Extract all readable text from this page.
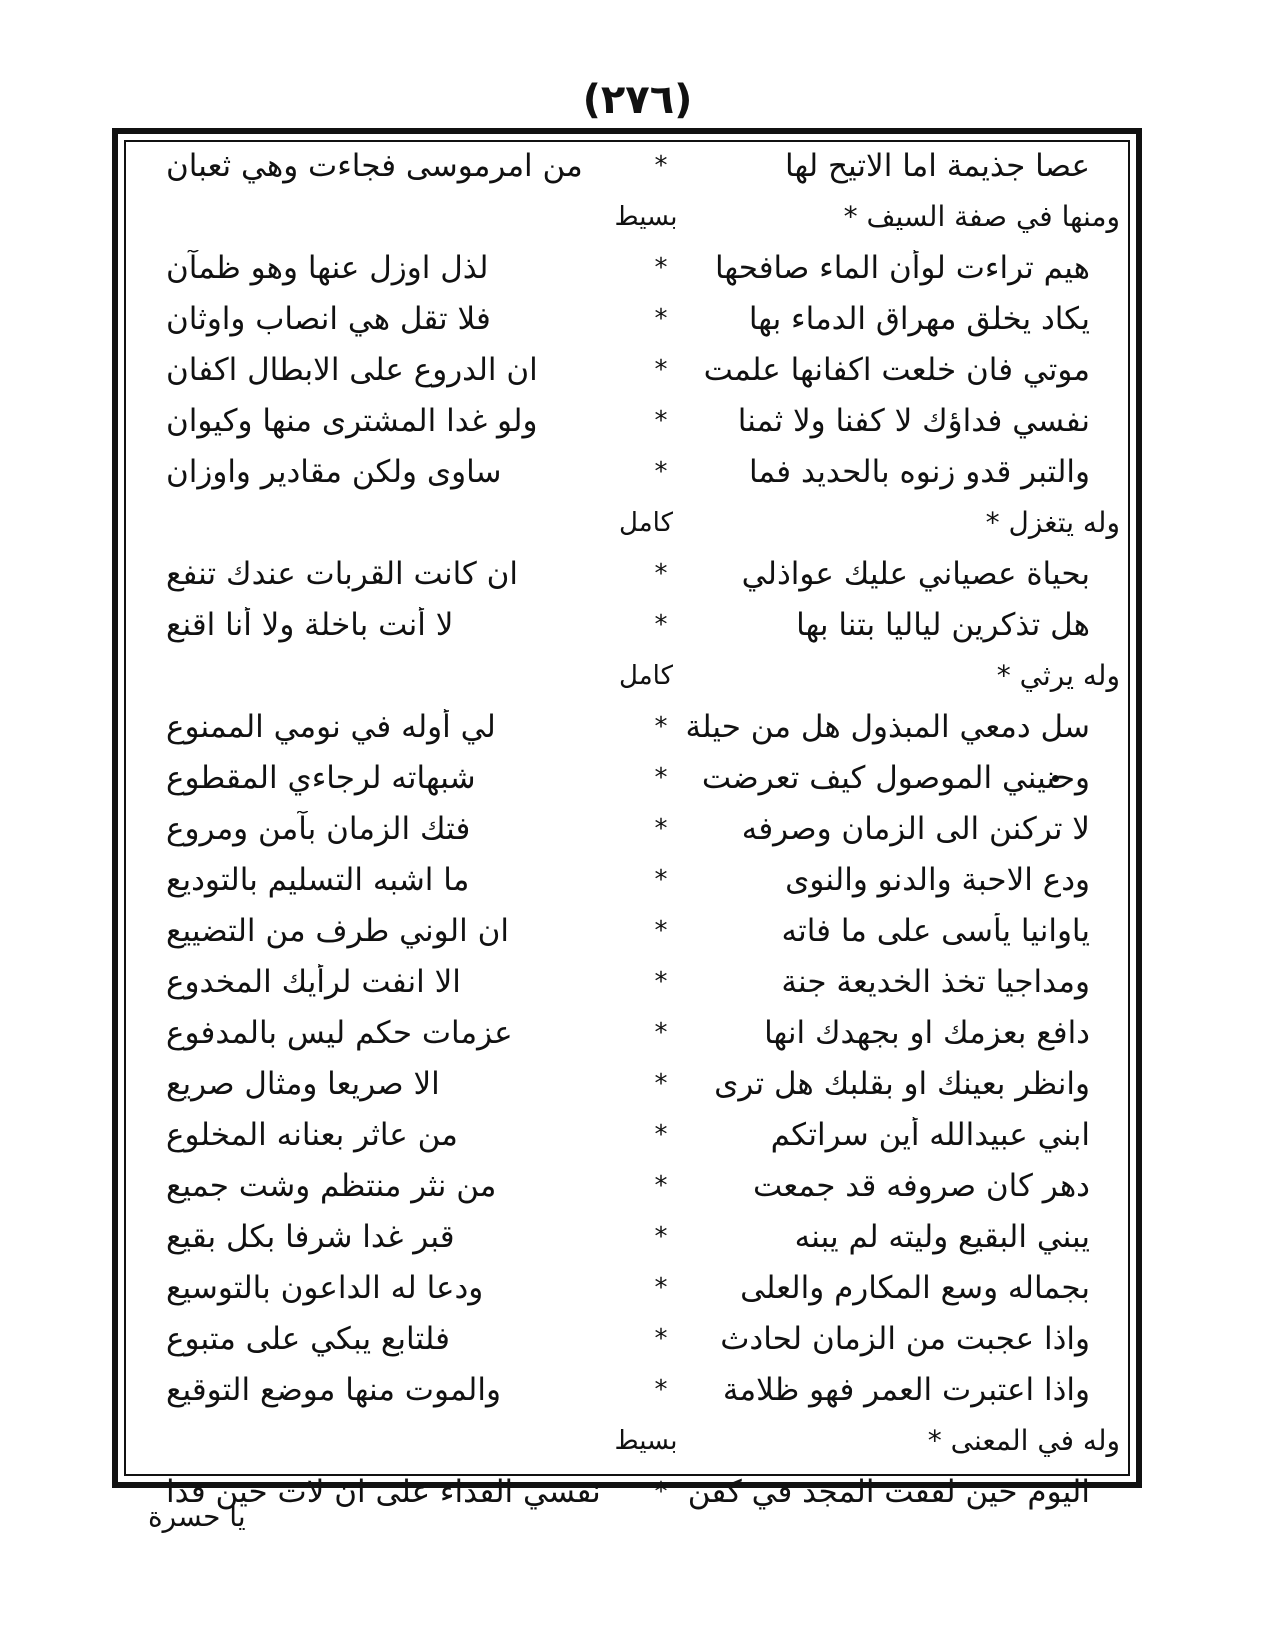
(٢٧٦)
عصا جذيمة اما الاتيح لها
*
من امرموسى فجاءت وهي ثعبان
ومنها في صفة السيف *
بسيط
هيم تراءت لوأن الماء صافحها
*
لذل اوزل عنها وهو ظمآن
يكاد يخلق مهراق الدماء بها
*
فلا تقل هي انصاب واوثان
موتي فان خلعت اكفانها علمت
*
ان الدروع على الابطال اكفان
نفسي فداؤك لا كفنا ولا ثمنا
*
ولو غدا المشترى منها وكيوان
والتبر قدو زنوه بالحديد فما
*
ساوى ولكن مقادير واوزان
وله يتغزل *
كامل
بحياة عصياني عليك عواذلي
*
ان كانت القربات عندك تنفع
هل تذكرين لياليا بتنا بها
*
لا أنت باخلة ولا أنا اقنع
وله يرثي *
كامل
سل دمعي المبذول هل من حيلة
*
لي أوله في نومي الممنوع
وحنيني الموصول كيف تعرضت
*
شبهاته لرجاءي المقطوع
لا تركنن الى الزمان وصرفه
*
فتك الزمان بآمن ومروع
ودع الاحبة والدنو والنوى
*
ما اشبه التسليم بالتوديع
ياوانيا يأسى على ما فاته
*
ان الوني طرف من التضييع
ومداجيا تخذ الخديعة جنة
*
الا انفت لرأيك المخدوع
دافع بعزمك او بجهدك انها
*
عزمات حكم ليس بالمدفوع
وانظر بعينك او بقلبك هل ترى
*
الا صريعا ومثال صريع
ابني عبيدالله أين سراتكم
*
من عاثر بعنانه المخلوع
دهر كان صروفه قد جمعت
*
من نثر منتظم وشت جميع
يبني البقيع وليته لم يبنه
*
قبر غدا شرفا بكل بقيع
بجماله وسع المكارم والعلى
*
ودعا له الداعون بالتوسيع
واذا عجبت من الزمان لحادث
*
فلتابع يبكي على متبوع
واذا اعتبرت العمر فهو ظلامة
*
والموت منها موضع التوقيع
وله في المعنى *
بسيط
اليوم حين لففت المجد في كفن
*
نفسي الفداء على ان لات حين فدا
يا حسرة
